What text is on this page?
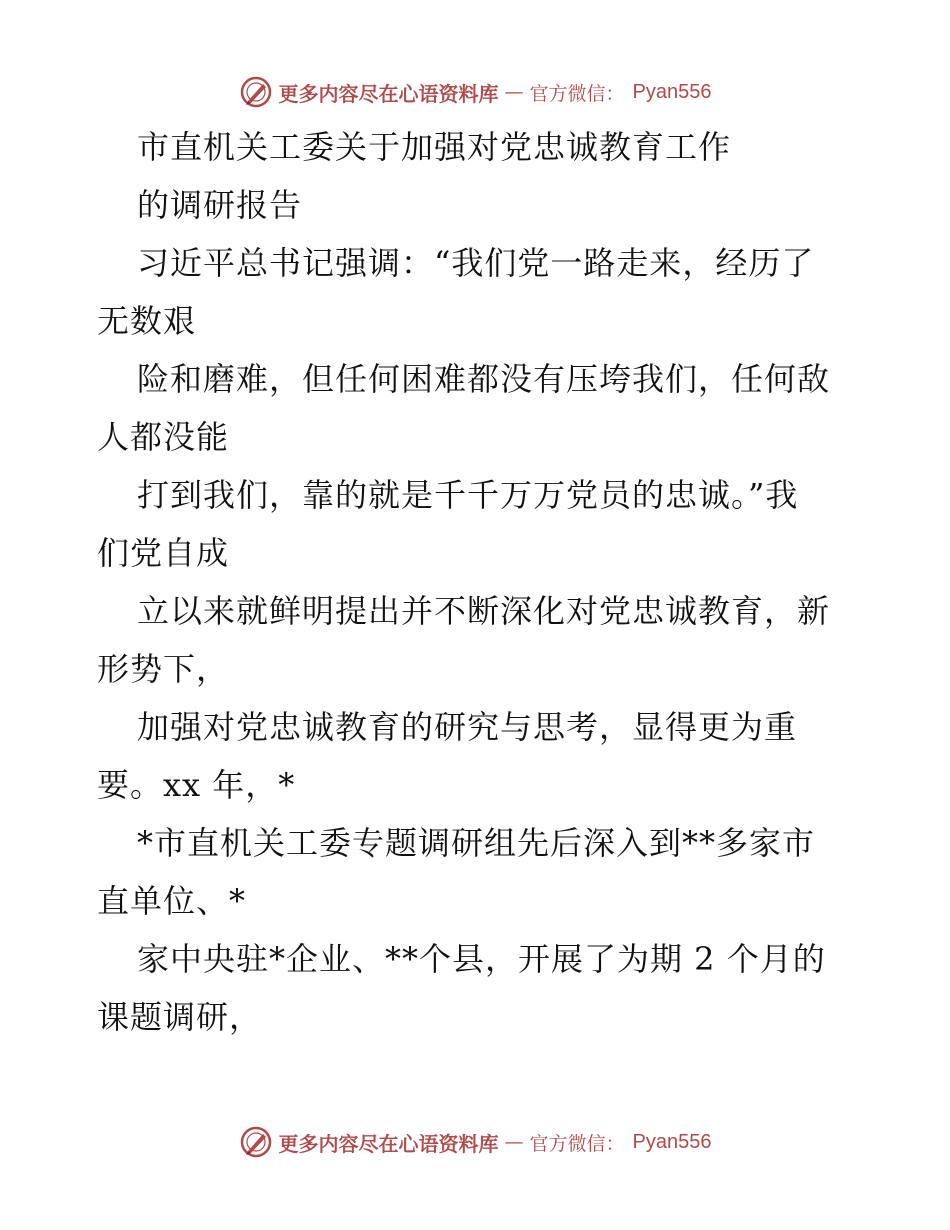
更多内容尽在心语资料库 — 官方微信： Pyan556
市直机关工委关于加强对党忠诚教育工作
的调研报告
习近平总书记强调：“我们党一路走来，经历了
无数艰
险和磨难，但任何困难都没有压垮我们，任何敌
人都没能
打到我们，靠的就是千千万万党员的忠诚。”我
们党自成
立以来就鲜明提出并不断深化对党忠诚教育，新
形势下，
加强对党忠诚教育的研究与思考，显得更为重
要。xx 年，*
*市直机关工委专题调研组先后深入到**多家市
直单位、*
家中央驻*企业、**个县，开展了为期 2 个月的
课题调研，
更多内容尽在心语资料库 — 官方微信： Pyan556
